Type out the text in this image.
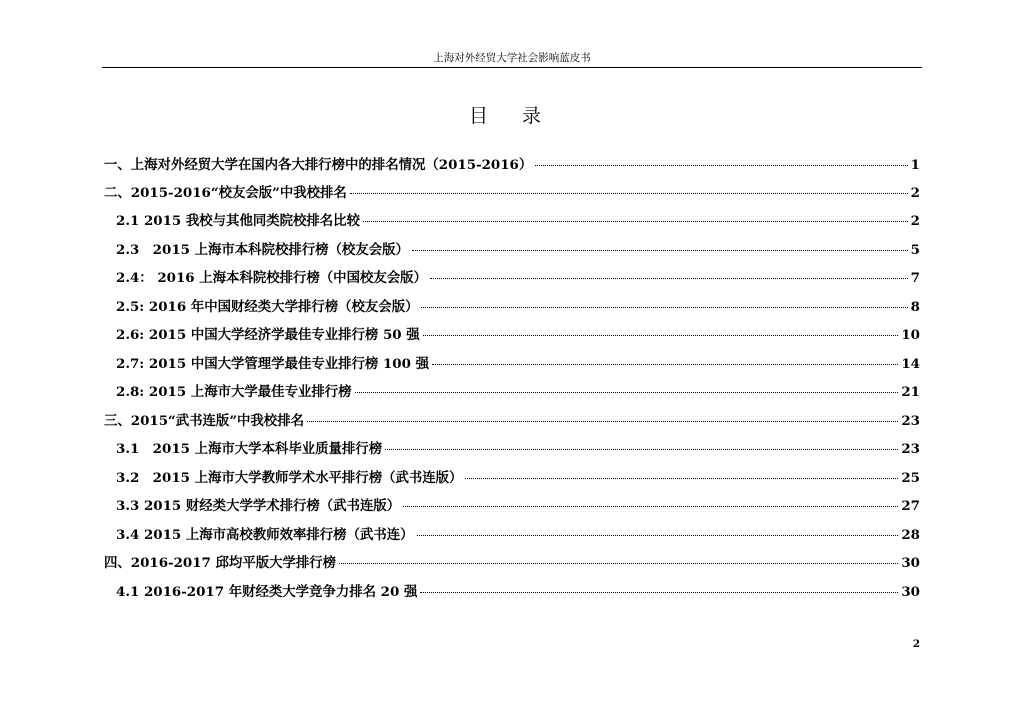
上海对外经贸大学社会影响蓝皮书
目 录
一、上海对外经贸大学在国内各大排行榜中的排名情况（2015-2016）	1
二、2015-2016“校友会版”中我校排名	2
2.1 2015 我校与其他同类院校排名比较	2
2.3　2015 上海市本科院校排行榜（校友会版）	5
2.4： 2016 上海本科院校排行榜（中国校友会版）	7
2.5: 2016 年中国财经类大学排行榜（校友会版）	8
2.6: 2015 中国大学经济学最佳专业排行榜 50 强	10
2.7: 2015 中国大学管理学最佳专业排行榜 100 强	14
2.8: 2015 上海市大学最佳专业排行榜	21
三、2015“武书连版”中我校排名	23
3.1　2015 上海市大学本科毕业质量排行榜	23
3.2　2015 上海市大学教师学术水平排行榜（武书连版）	25
3.3 2015 财经类大学学术排行榜（武书连版）	27
3.4 2015 上海市高校教师效率排行榜（武书连）	28
四、2016-2017 邱均平版大学排行榜	30
4.1 2016-2017 年财经类大学竞争力排名 20 强	30
2
